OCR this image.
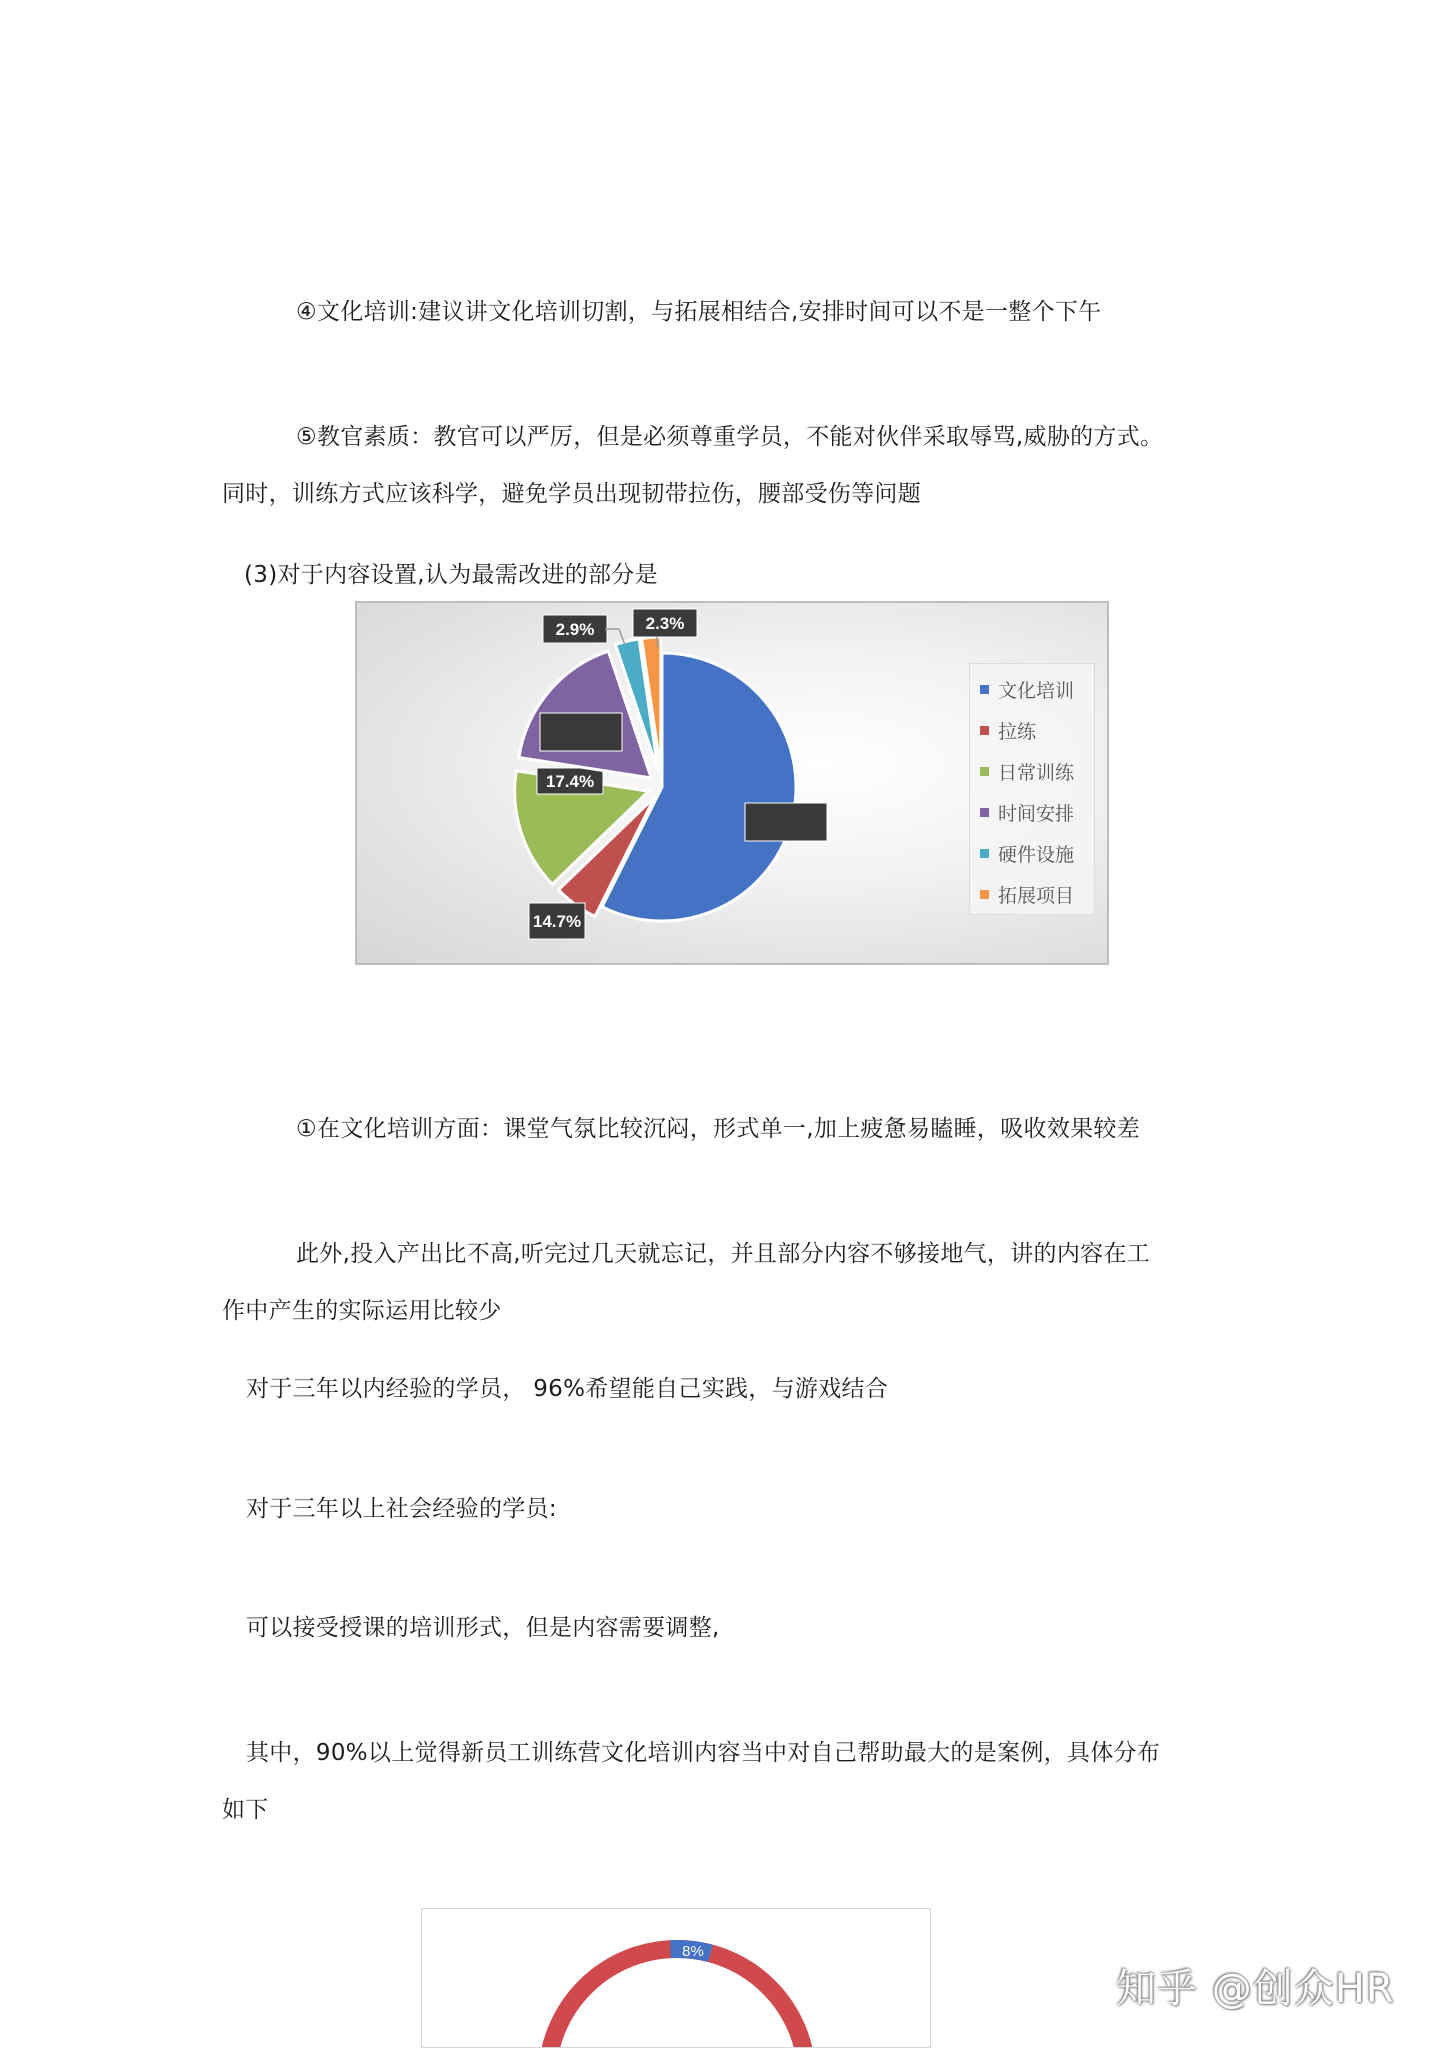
④文化培训:建议讲文化培训切割，与拓展相结合,安排时间可以不是一整个下午
⑤教官素质：教官可以严厉，但是必须尊重学员，不能对伙伴采取辱骂,威胁的方式。
同时，训练方式应该科学，避免学员出现韧带拉伤，腰部受伤等问题
(3)对于内容设置,认为最需改进的部分是
14.7%
17.4%
2.9%	2.3%
文化培训
拉练
日常训练
时间安排
硬件设施
拓展项目
①在文化培训方面：课堂气氛比较沉闷，形式单一,加上疲惫易瞌睡，吸收效果较差
此外,投入产出比不高,听完过几天就忘记，并且部分内容不够接地气，讲的内容在工
作中产生的实际运用比较少
对于三年以内经验的学员， 96%希望能自己实践，与游戏结合
对于三年以上社会经验的学员:
可以接受授课的培训形式，但是内容需要调整,
其中，90%以上觉得新员工训练营文化培训内容当中对自己帮助最大的是案例，具体分布
如下
8%
知乎 @创众HR
